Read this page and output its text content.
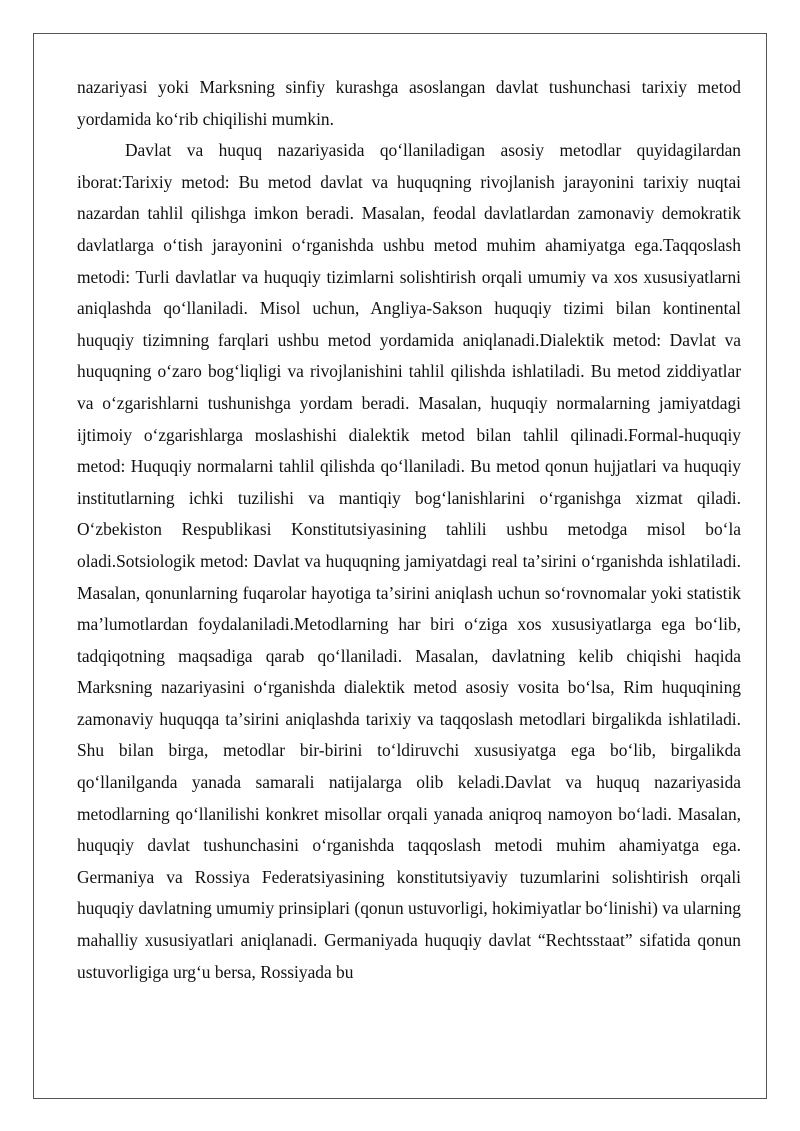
nazariyasi yoki Marksning sinfiy kurashga asoslangan davlat tushunchasi tarixiy metod yordamida koʻrib chiqilishi mumkin.

Davlat va huquq nazariyasida qoʻllaniladigan asosiy metodlar quyidagilardan iborat:Tarixiy metod: Bu metod davlat va huquqning rivojlanish jarayonini tarixiy nuqtai nazardan tahlil qilishga imkon beradi. Masalan, feodal davlatlardan zamonaviy demokratik davlatlarga oʻtish jarayonini oʻrganishda ushbu metod muhim ahamiyatga ega.Taqqoslash metodi: Turli davlatlar va huquqiy tizimlarni solishtirish orqali umumiy va xos xususiyatlarni aniqlashda qoʻllaniladi. Misol uchun, Angliya-Sakson huquqiy tizimi bilan kontinental huquqiy tizimning farqlari ushbu metod yordamida aniqlanadi.Dialektik metod: Davlat va huquqning oʻzaro bogʻliqligi va rivojlanishini tahlil qilishda ishlatiladi. Bu metod ziddiyatlar va oʻzgarishlarni tushunishga yordam beradi. Masalan, huquqiy normalarning jamiyatdagi ijtimoiy oʻzgarishlarga moslashishi dialektik metod bilan tahlil qilinadi.Formal-huquqiy metod: Huquqiy normalarni tahlil qilishda qoʻllaniladi. Bu metod qonun hujjatlari va huquqiy institutlarning ichki tuzilishi va mantiqiy bogʻlanishlarini oʻrganishga xizmat qiladi. Oʻzbekiston Respublikasi Konstitutsiyasining tahlili ushbu metodga misol boʻla oladi.Sotsiologik metod: Davlat va huquqning jamiyatdagi real taʼsirini oʻrganishda ishlatiladi. Masalan, qonunlarning fuqarolar hayotiga taʼsirini aniqlash uchun soʻrovnomalar yoki statistik maʼlumotlardan foydalaniladi.Metodlarning har biri oʻziga xos xususiyatlarga ega boʻlib, tadqiqotning maqsadiga qarab qoʻllaniladi. Masalan, davlatning kelib chiqishi haqida Marksning nazariyasini oʻrganishda dialektik metod asosiy vosita boʻlsa, Rim huquqining zamonaviy huquqqa taʼsirini aniqlashda tarixiy va taqqoslash metodlari birgalikda ishlatiladi. Shu bilan birga, metodlar bir-birini toʻldiruvchi xususiyatga ega boʻlib, birgalikda qoʻllanilganda yanada samarali natijalarga olib keladi.Davlat va huquq nazariyasida metodlarning qoʻllanilishi konkret misollar orqali yanada aniqroq namoyon boʻladi. Masalan, huquqiy davlat tushunchasini oʻrganishda taqqoslash metodi muhim ahamiyatga ega. Germaniya va Rossiya Federatsiyasining konstitutsiyaviy tuzumlarini solishtirish orqali huquqiy davlatning umumiy prinsiplari (qonun ustuvorligi, hokimiyatlar boʻlinishi) va ularning mahalliy xususiyatlari aniqlanadi. Germaniyada huquqiy davlat “Rechtsstaat” sifatida qonun ustuvorligiga urgʻu bersa, Rossiyada bu
